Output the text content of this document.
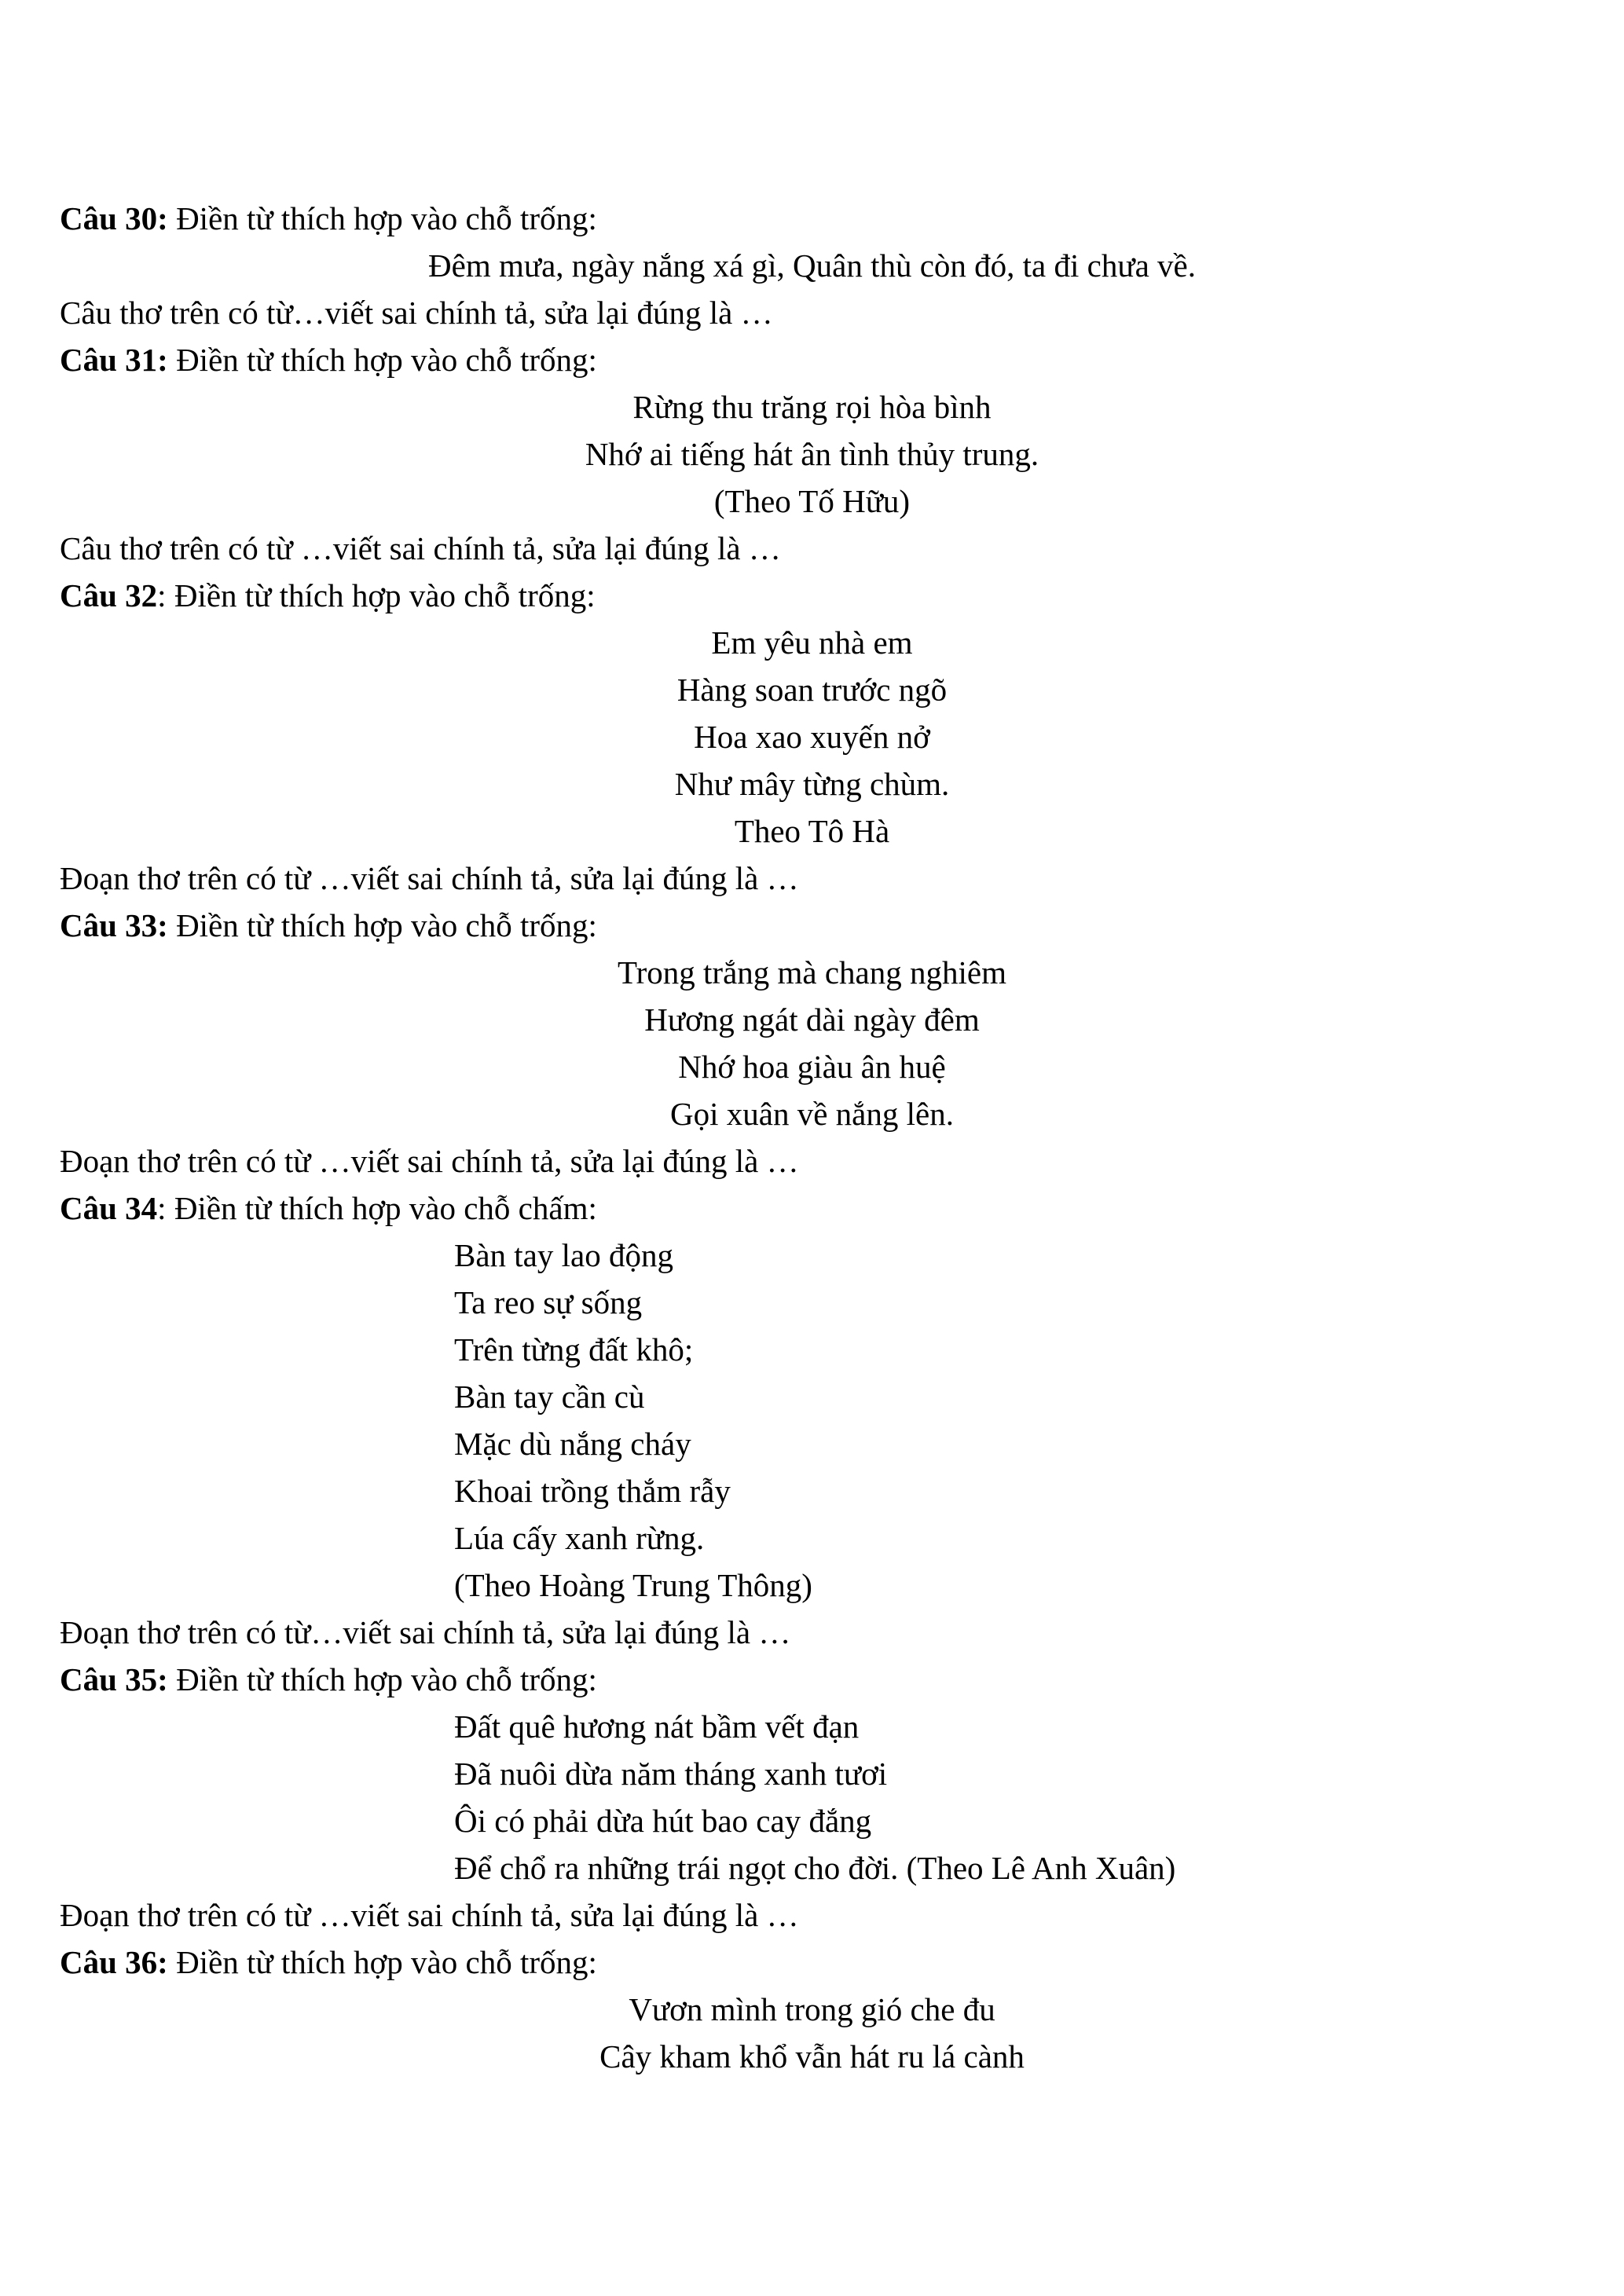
Câu 30: Điền từ thích hợp vào chỗ trống:
Đêm mưa, ngày nắng xá gì, Quân thù còn đó, ta đi chưa về.
Câu thơ trên có từ…viết sai chính tả, sửa lại đúng là …
Câu 31: Điền từ thích hợp vào chỗ trống:
Rừng thu trăng rọi hòa bình
Nhớ ai tiếng hát ân tình thủy trung.
(Theo Tố Hữu)
Câu thơ trên có từ …viết sai chính tả, sửa lại đúng là …
Câu 32: Điền từ thích hợp vào chỗ trống:
Em yêu nhà em
Hàng soan trước ngõ
Hoa xao xuyến nở
Như mây từng chùm.
Theo Tô Hà
Đoạn thơ trên có từ …viết sai chính tả, sửa lại đúng là …
Câu 33: Điền từ thích hợp vào chỗ trống:
Trong trắng mà chang nghiêm
Hương ngát dài ngày đêm
Nhớ hoa giàu ân huệ
Gọi xuân về nắng lên.
Đoạn thơ trên có từ …viết sai chính tả, sửa lại đúng là …
Câu 34: Điền từ thích hợp vào chỗ chấm:
Bàn tay lao động
Ta reo sự sống
Trên từng đất khô;
Bàn tay cần cù
Mặc dù nắng cháy
Khoai trồng thắm rẫy
Lúa cấy xanh rừng.
(Theo Hoàng Trung Thông)
Đoạn thơ trên có từ…viết sai chính tả, sửa lại đúng là …
Câu 35: Điền từ thích hợp vào chỗ trống:
Đất quê hương nát bầm vết đạn
Đã nuôi dừa năm tháng xanh tươi
Ôi có phải dừa hút bao cay đắng
Để chổ ra những trái ngọt cho đời. (Theo Lê Anh Xuân)
Đoạn thơ trên có từ …viết sai chính tả, sửa lại đúng là …
Câu 36: Điền từ thích hợp vào chỗ trống:
Vươn mình trong gió che đu
Cây kham khổ vẫn hát ru lá cành
